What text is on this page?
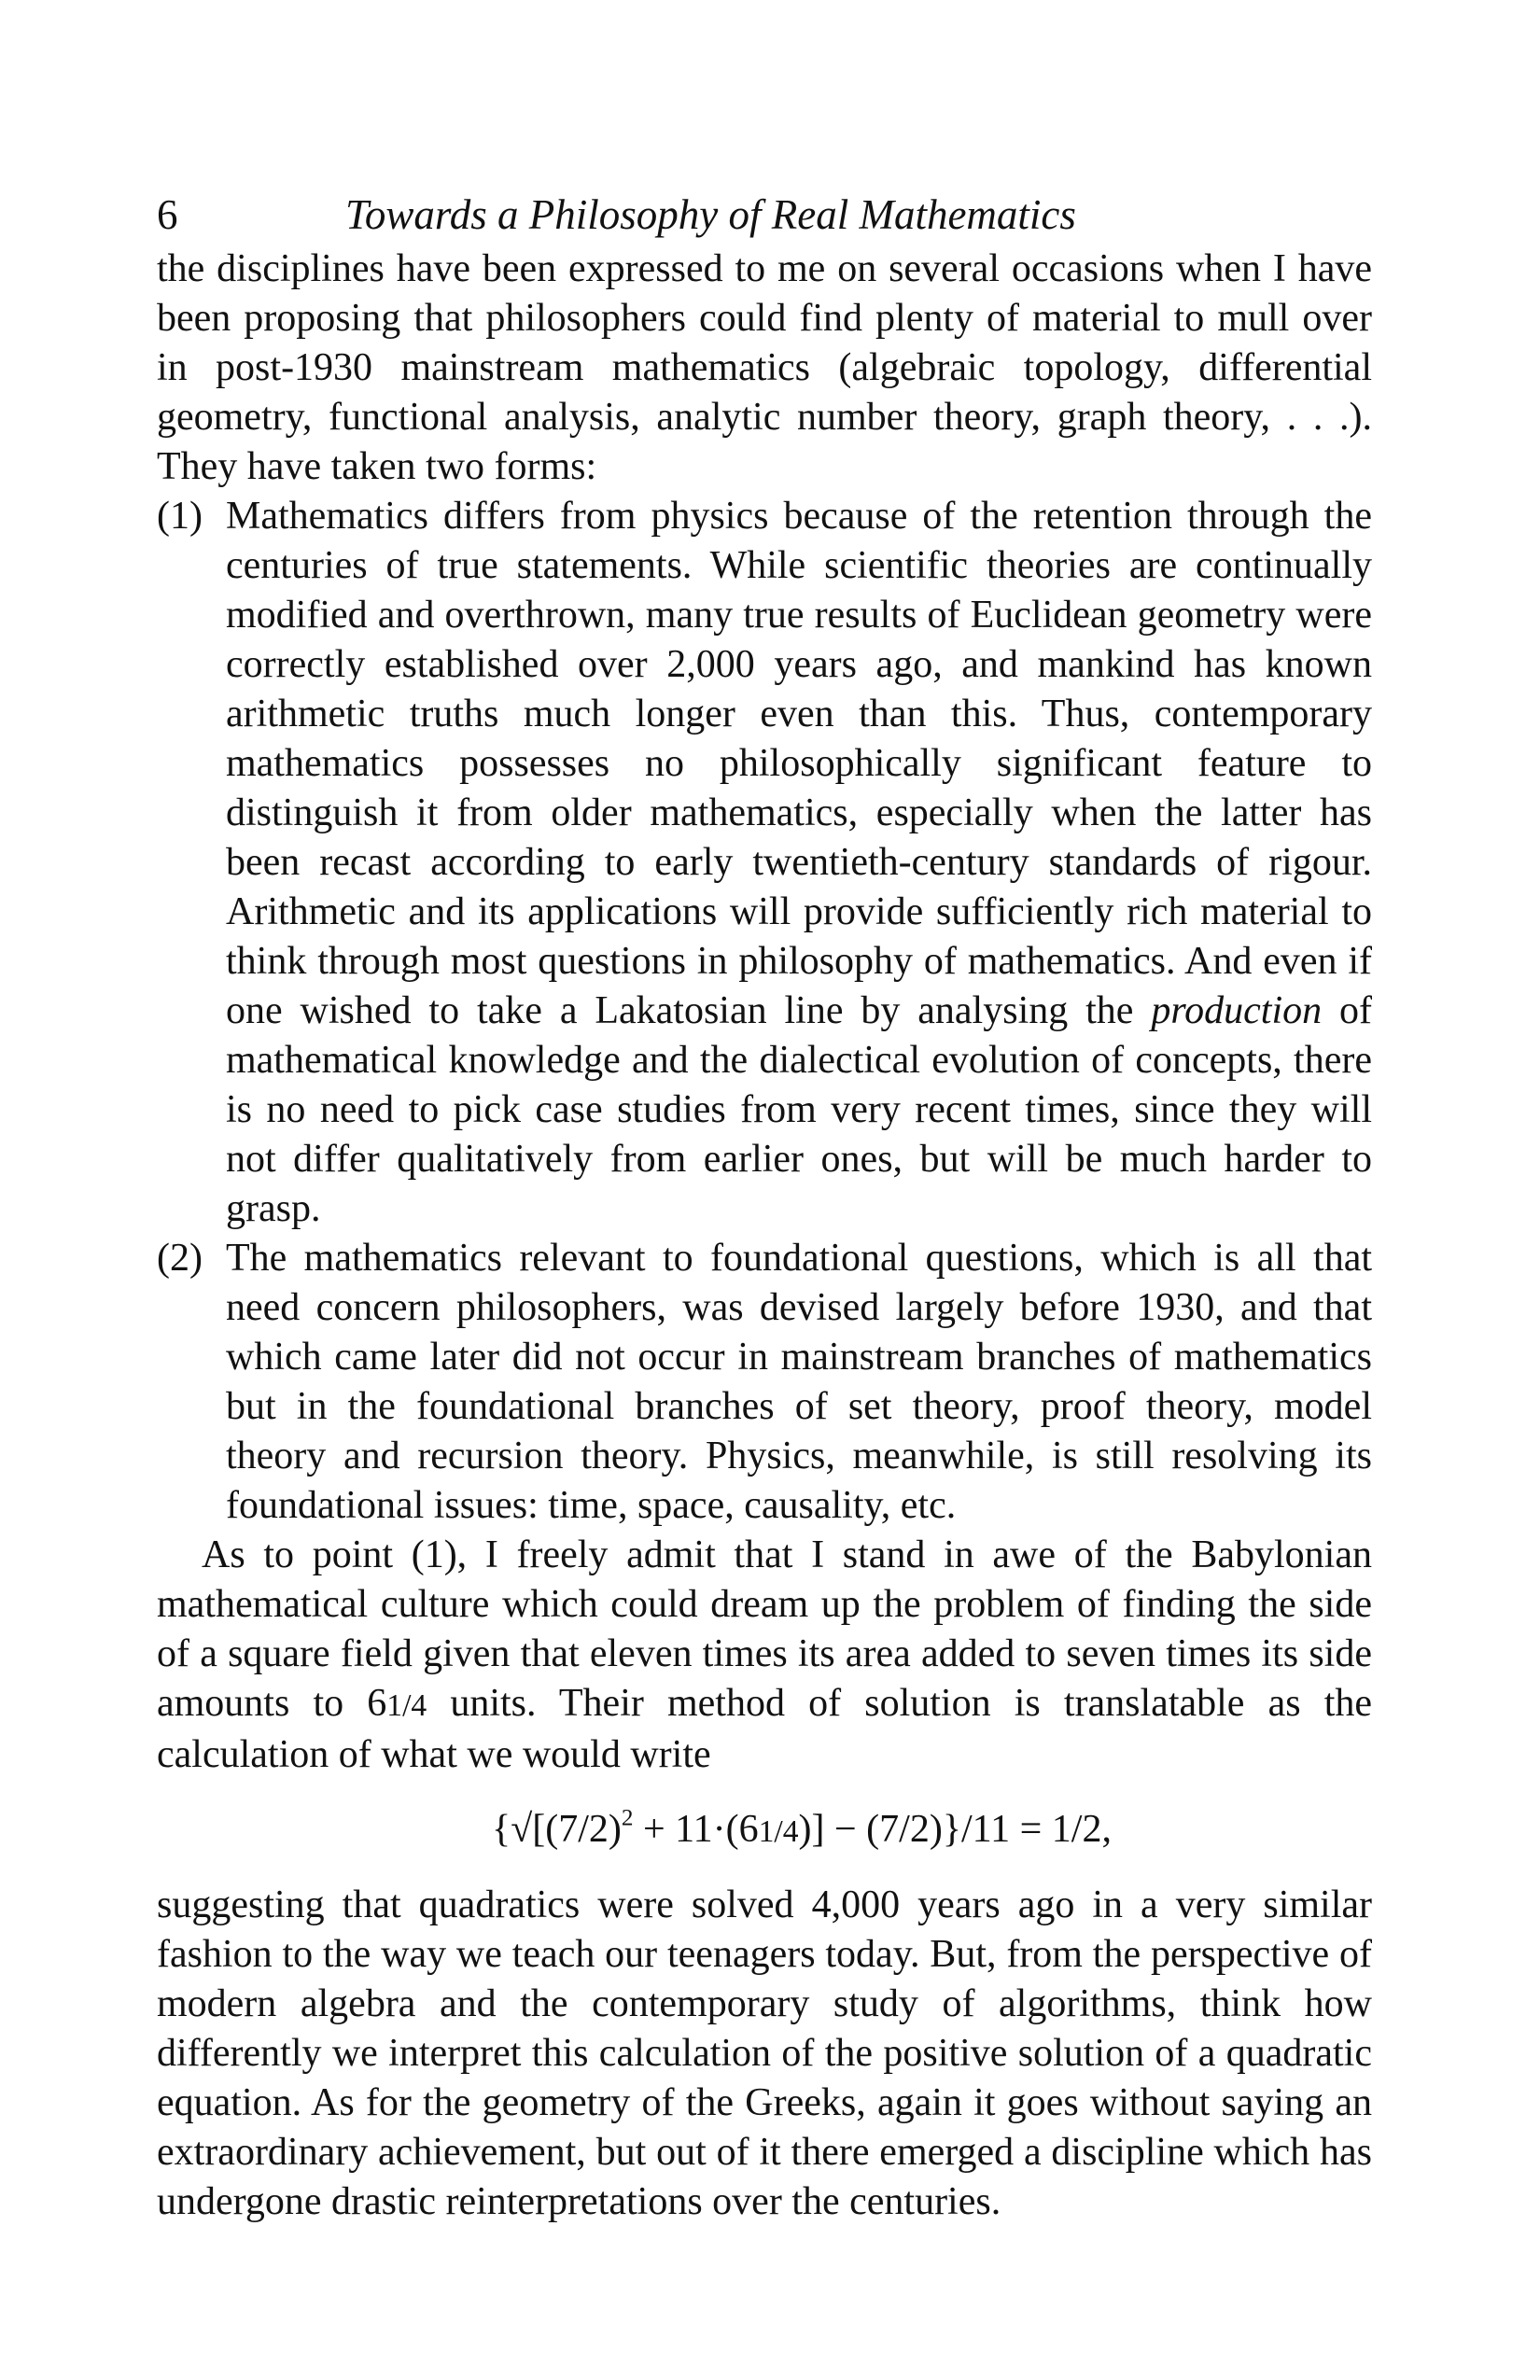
6	Towards a Philosophy of Real Mathematics

the disciplines have been expressed to me on several occasions when I have been proposing that philosophers could find plenty of material to mull over in post-1930 mainstream mathematics (algebraic topology, differential geometry, functional analysis, analytic number theory, graph theory, . . .). They have taken two forms:

(1) Mathematics differs from physics because of the retention through the centuries of true statements. While scientific theories are continually modified and overthrown, many true results of Euclidean geometry were correctly established over 2,000 years ago, and mankind has known arithmetic truths much longer even than this. Thus, contemporary mathematics possesses no philosophically significant feature to distinguish it from older mathematics, especially when the latter has been recast according to early twentieth-century standards of rigour. Arithmetic and its applications will provide sufficiently rich material to think through most questions in philosophy of mathematics. And even if one wished to take a Lakatosian line by analysing the production of mathematical knowledge and the dialectical evolution of concepts, there is no need to pick case studies from very recent times, since they will not differ qualitatively from earlier ones, but will be much harder to grasp.
(2) The mathematics relevant to foundational questions, which is all that need concern philosophers, was devised largely before 1930, and that which came later did not occur in mainstream branches of mathematics but in the foundational branches of set theory, proof theory, model theory and recursion theory. Physics, meanwhile, is still resolving its foundational issues: time, space, causality, etc.

As to point (1), I freely admit that I stand in awe of the Babylonian mathematical culture which could dream up the problem of finding the side of a square field given that eleven times its area added to seven times its side amounts to 61/4 units. Their method of solution is translatable as the calculation of what we would write

$\{√[(7/2)^2 + 11\cdot(61/4)] - (7/2)\}/11 = 1/2$,

suggesting that quadratics were solved 4,000 years ago in a very similar fashion to the way we teach our teenagers today. But, from the perspective of modern algebra and the contemporary study of algorithms, think how differently we interpret this calculation of the positive solution of a quadratic equation. As for the geometry of the Greeks, again it goes without saying an extraordinary achievement, but out of it there emerged a discipline which has undergone drastic reinterpretations over the centuries.
